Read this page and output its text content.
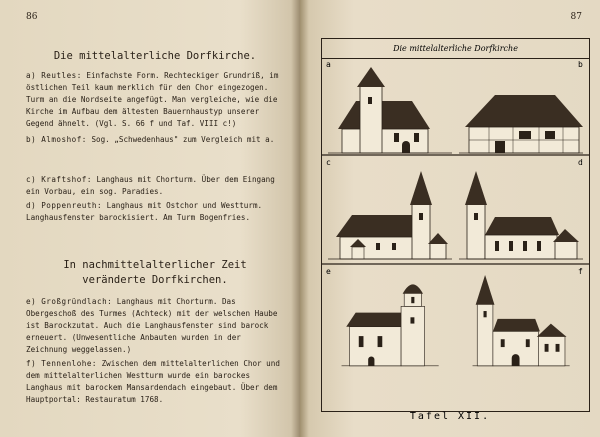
86
Die mittelalterliche Dorfkirche.
a) Reutles: Einfachste Form. Rechteckiger Grundriß, im östlichen Teil kaum merklich für den Chor eingezogen. Turm an die Nordseite angefügt. Man vergleiche, wie die Kirche im Aufbau dem ältesten Bauernhaustyp unserer Gegend ähnelt. (Vgl. S. 66 f und Taf. VIII c!)
b) Almoshof: Sog. „Schwedenhaus" zum Vergleich mit a.
c) Kraftshof: Langhaus mit Chorturm. Über dem Eingang ein Vorbau, ein sog. Paradies.
d) Poppenreuth: Langhaus mit Ostchor und Westturm. Langhausfenster barockisiert. Am Turm Bogenfries.
In nachmittelalterlicher Zeit veränderte Dorfkirchen.
e) Großgründlach: Langhaus mit Chorturm. Das Obergeschoß des Turmes (Achteck) mit der welschen Haube ist Barockzutat. Auch die Langhausfenster sind barock erneuert. (Unwesentliche Anbauten wurden in der Zeichnung weggelassen.)
f) Tennenlohe: Zwischen dem mittelalterlichen Chor und dem mittelalterlichen Westturm wurde ein barockes Langhaus mit barockem Mansardendach eingebaut. Über dem Hauptportal: Restauratum 1768.
87
Die mittelalterliche Dorfkirche
a	b
c	d
e	f
Tafel XII.
